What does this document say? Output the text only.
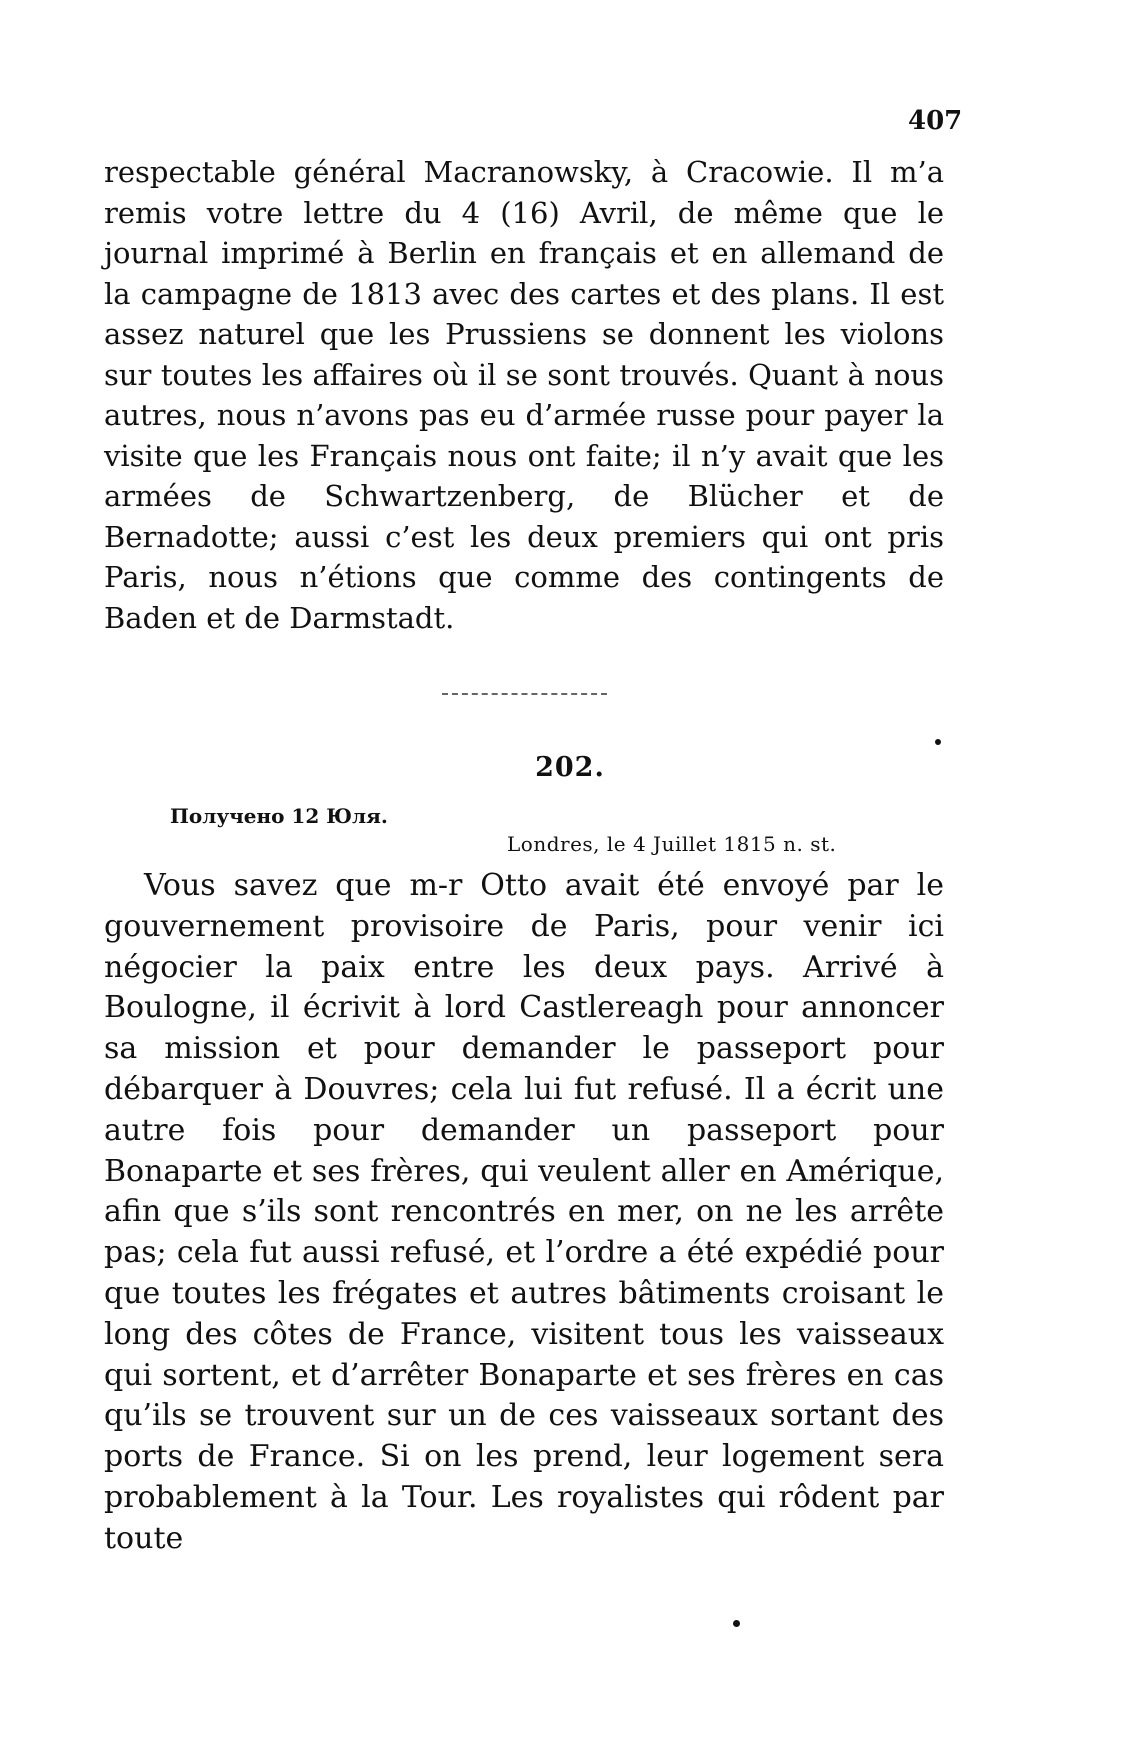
407

respectable général Macranowsky, à Cracowie. Il m’a remis votre lettre du 4 (16) Avril, de même que le journal imprimé à Berlin en français et en allemand de la campagne de 1813 avec des cartes et des plans. Il est assez naturel que les Prussiens se donnent les violons sur toutes les affaires où il se sont trouvés. Quant à nous autres, nous n’avons pas eu d’armée russe pour payer la visite que les Français nous ont faite; il n’y avait que les armées de Schwartzenberg, de Blücher et de Bernadotte; aussi c’est les deux premiers qui ont pris Paris, nous n’étions que comme des contingents de Baden et de Darmstadt.

202.
Получено 12 Юля.
Londres, le 4 Juillet 1815 n. st.

Vous savez que m-r Otto avait été envoyé par le gouvernement provisoire de Paris, pour venir ici négocier la paix entre les deux pays. Arrivé à Boulogne, il écrivit à lord Castlereagh pour annoncer sa mission et pour demander le passeport pour débarquer à Douvres; cela lui fut refusé. Il a écrit une autre fois pour demander un passeport pour Bonaparte et ses frères, qui veulent aller en Amérique, afin que s’ils sont rencontrés en mer, on ne les arrête pas; cela fut aussi refusé, et l’ordre a été expédié pour que toutes les frégates et autres bâtiments croisant le long des côtes de France, visitent tous les vaisseaux qui sortent, et d’arrêter Bonaparte et ses frères en cas qu’ils se trouvent sur un de ces vaisseaux sortant des ports de France. Si on les prend, leur logement sera probablement à la Tour. Les royalistes qui rôdent par toute
